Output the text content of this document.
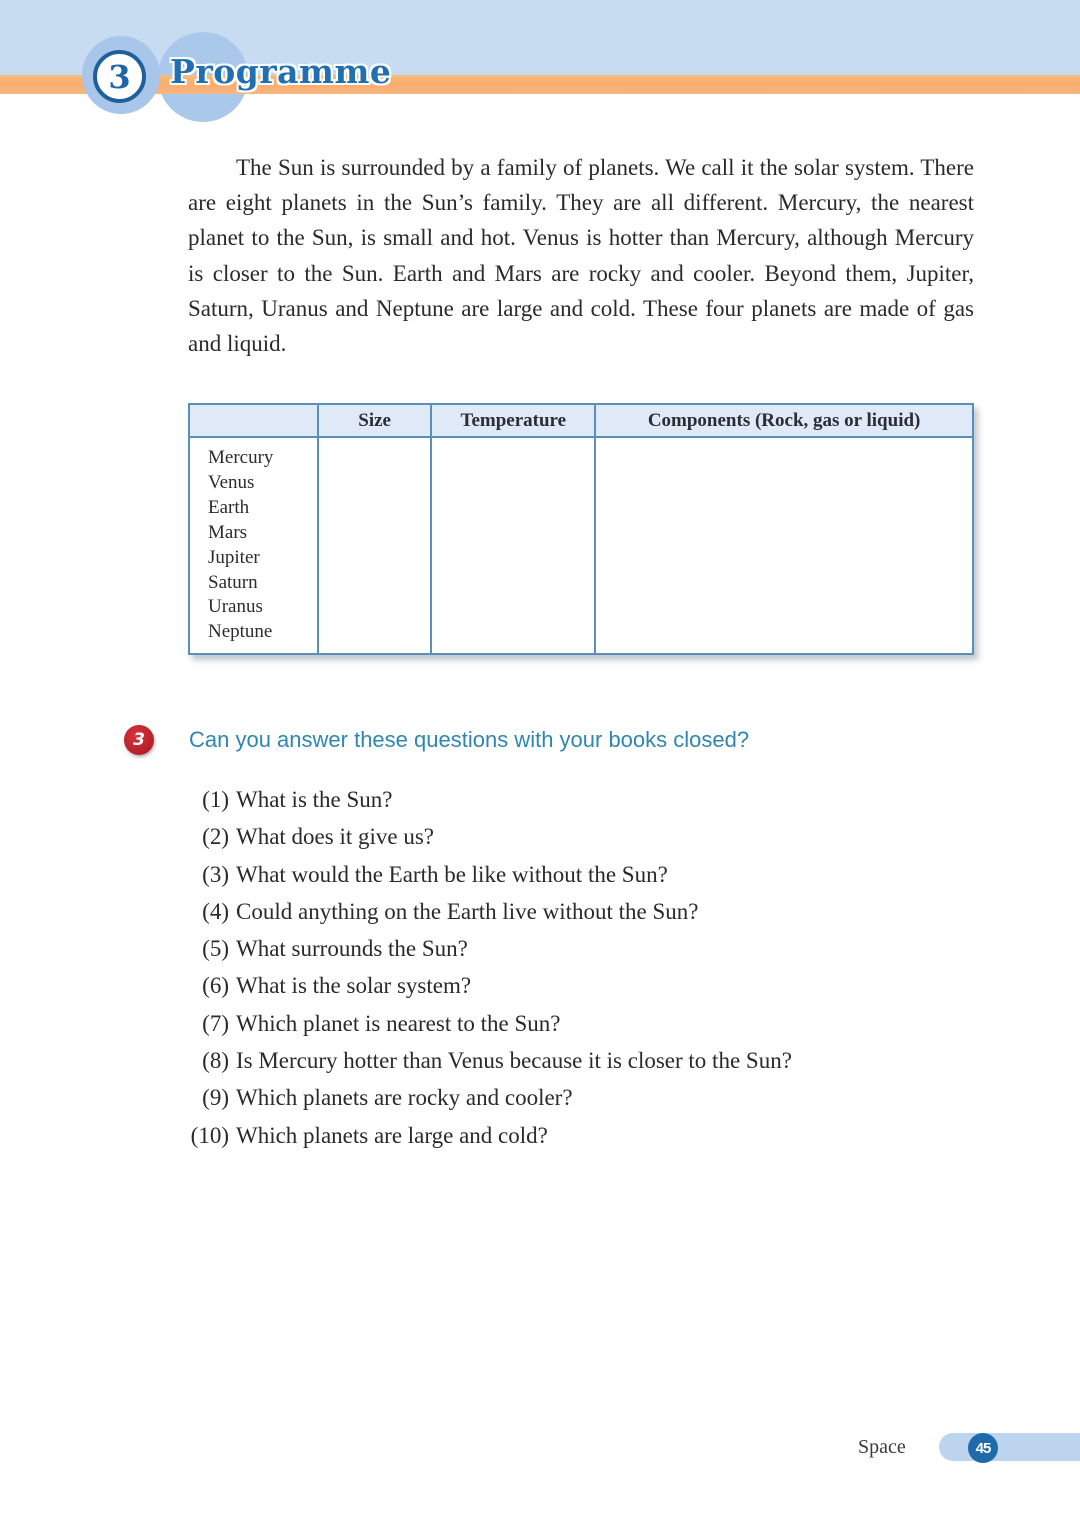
3	Programme

The Sun is surrounded by a family of planets. We call it the solar system. There are eight planets in the Sun’s family. They are all different. Mercury, the nearest planet to the Sun, is small and hot. Venus is hotter than Mercury, although Mercury is closer to the Sun. Earth and Mars are rocky and cooler. Beyond them, Jupiter, Saturn, Uranus and Neptune are large and cold. These four planets are made of gas and liquid.

	Size	Temperature	Components (Rock, gas or liquid)

Mercury
Venus
Earth
Mars
Jupiter
Saturn
Uranus
Neptune

3	Can you answer these questions with your books closed?
(1) What is the Sun?
(2) What does it give us?
(3) What would the Earth be like without the Sun?
(4) Could anything on the Earth live without the Sun?
(5) What surrounds the Sun?
(6) What is the solar system?
(7) Which planet is nearest to the Sun?
(8) Is Mercury hotter than Venus because it is closer to the Sun?
(9) Which planets are rocky and cooler?
(10) Which planets are large and cold?
Space	45
